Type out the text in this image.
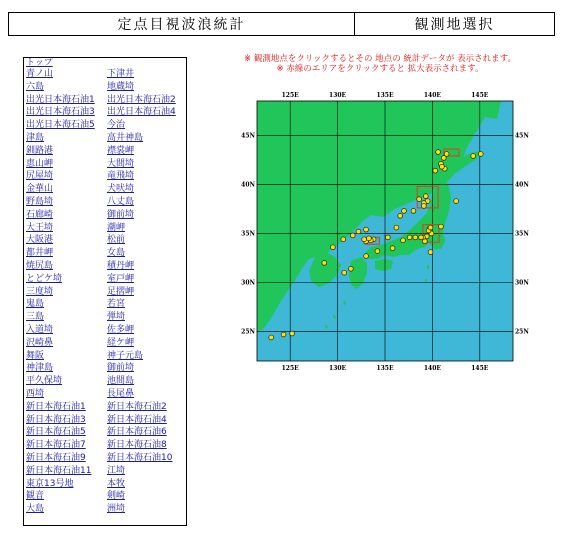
定点目視波浪統計	観測地選択
トップ
青ノ山	下津井
六島	地蔵埼
出光日本海石油1 出光日本海石油2
出光日本海石油3 出光日本海石油4
出光日本海石油5 今治
津島	高井神島
釧路港	襟裳岬
恵山岬	大間埼
尻屋埼	竜飛埼
金華山	犬吠埼
野島埼	八丈島
石廊崎	御前埼
大王埼	潮岬
大阪港	松前
都井岬	女島
焼尻島	積丹岬
とどケ埼	室戸岬
三度埼	足摺岬
鬼島	若宮
三島	弾埼
入道埼	佐多岬
沢崎鼻	経ケ岬
舞阪	神子元島
神津島	御前埼
平久保埼	池間島
西埼	長尾鼻
新日本海石油1 新日本海石油2
新日本海石油3 新日本海石油4
新日本海石油5 新日本海石油6
新日本海石油7 新日本海石油8
新日本海石油9 新日本海石油10
新日本海石油11 江埼
東京13号地	本牧
観音	剣崎
大島	洲埼
※ 観測地点をクリックするとその 地点の 統計データが 表示されます。
※ 赤線のエリアをクリックすると 拡大表示されます。
125E
125E
130E
130E
135E
135E
140E
140E
145E
145E
45N	45N
40N	40N
35N	35N
30N	30N
25N	25N
